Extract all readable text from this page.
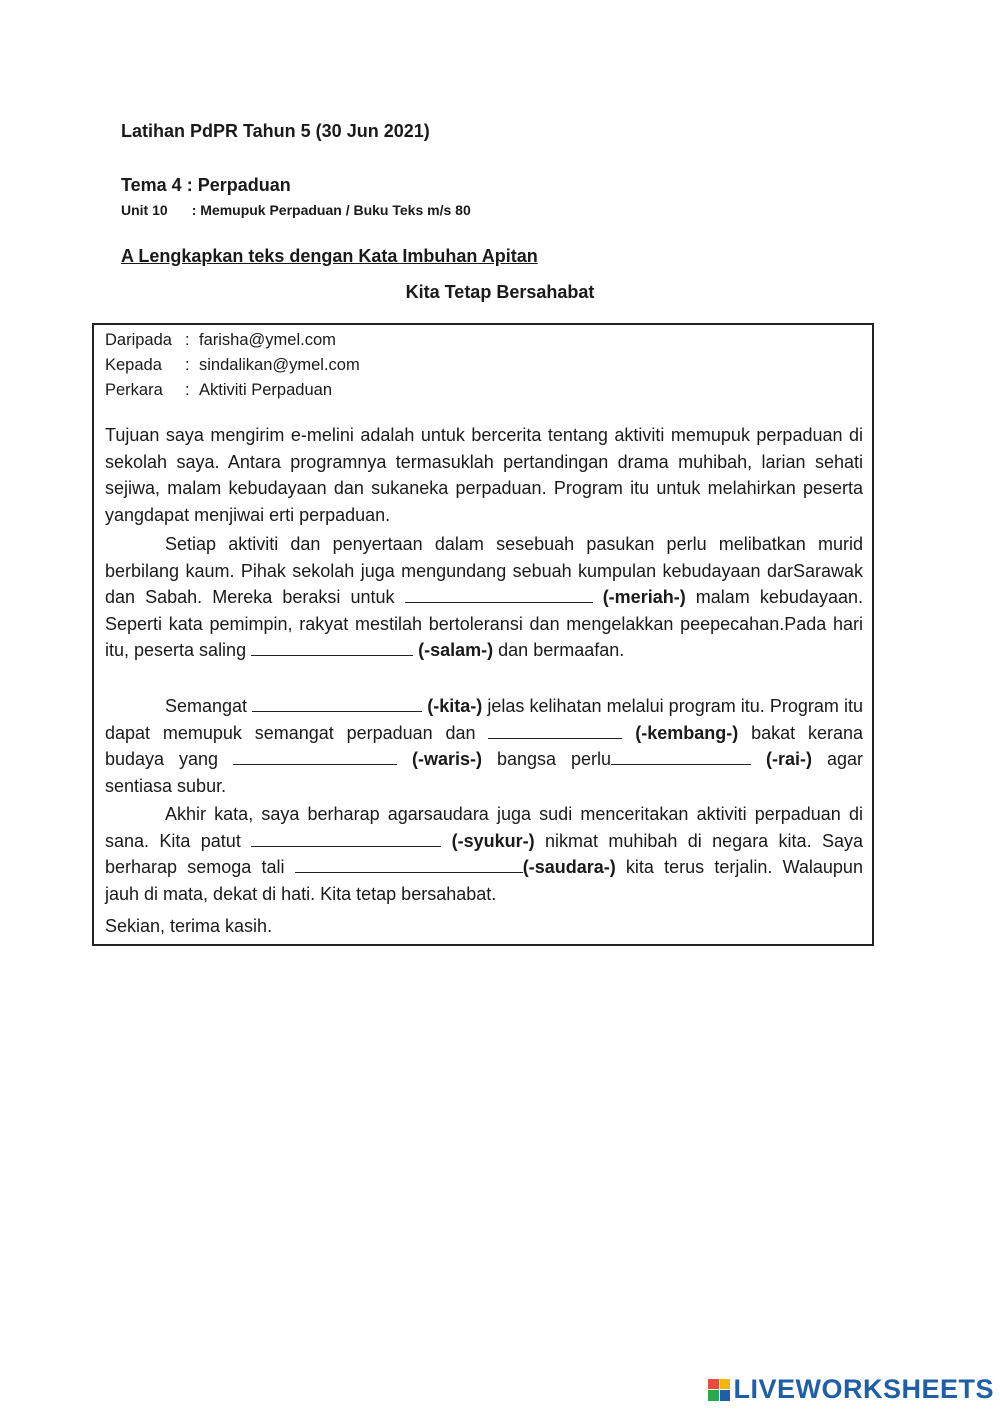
Latihan PdPR Tahun 5 (30 Jun 2021)
Tema 4 : Perpaduan
Unit 10 : Memupuk Perpaduan / Buku Teks m/s 80
A Lengkapkan teks dengan Kata Imbuhan Apitan
Kita Tetap Bersahabat
Daripada : farisha@ymel.com
Kepada : sindalikan@ymel.com
Perkara : Aktiviti Perpaduan
Tujuan saya mengirim e-melini adalah untuk bercerita tentang aktiviti memupuk perpaduan di sekolah saya. Antara programnya termasuklah pertandingan drama muhibah, larian sehati sejiwa, malam kebudayaan dan sukaneka perpaduan. Program itu untuk melahirkan peserta yangdapat menjiwai erti perpaduan.
Setiap aktiviti dan penyertaan dalam sesebuah pasukan perlu melibatkan murid berbilang kaum. Pihak sekolah juga mengundang sebuah kumpulan kebudayaan darSarawak dan Sabah. Mereka beraksi untuk	(-meriah-) malam kebudayaan. Seperti kata pemimpin, rakyat mestilah bertoleransi dan mengelakkan peepecahan.Pada hari itu, peserta saling	(-salam-) dan bermaafan.
Semangat	(-kita-) jelas kelihatan melalui program itu. Program itu dapat memupuk semangat perpaduan dan	(-kembang-) bakat kerana budaya yang	(-waris-) bangsa perlu	(-rai-) agar sentiasa subur.
Akhir kata, saya berharap agarsaudara juga sudi menceritakan aktiviti perpaduan di sana. Kita patut	(-syukur-) nikmat muhibah di negara kita. Saya berharap semoga tali	(-saudara-) kita terus terjalin. Walaupun jauh di mata, dekat di hati. Kita tetap bersahabat.
Sekian, terima kasih.
LIVEWORKSHEETS
